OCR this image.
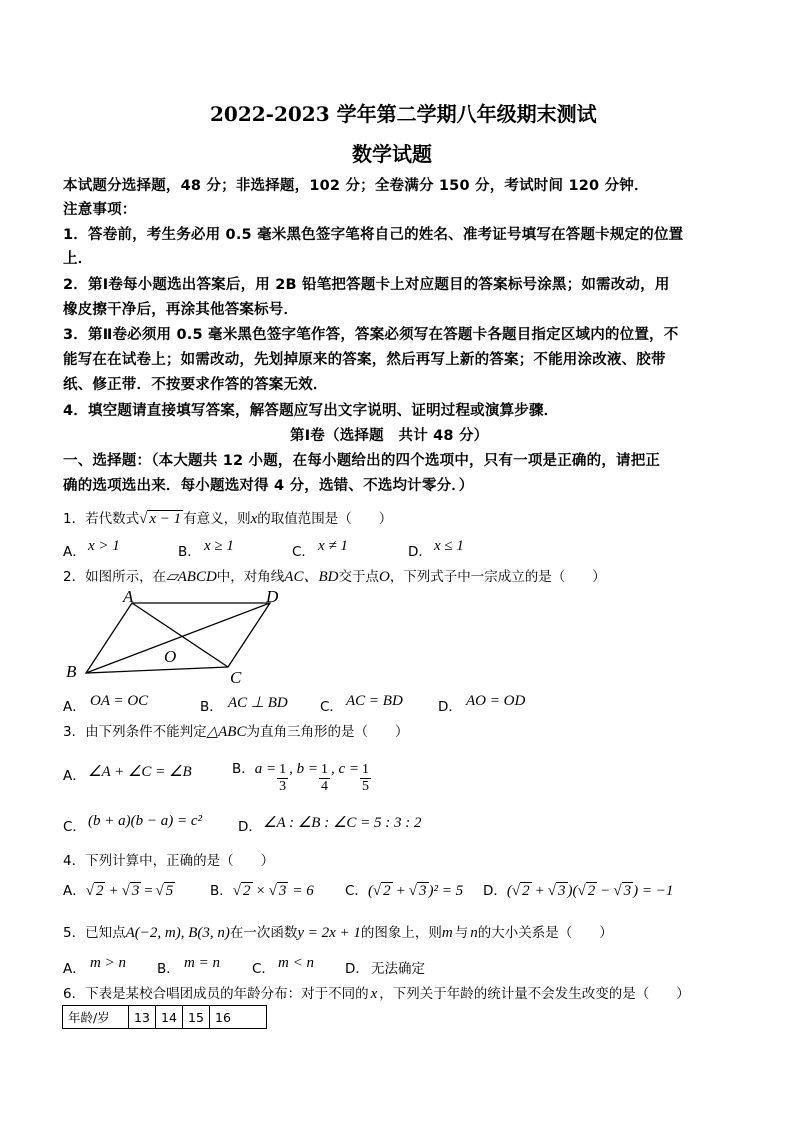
2022-2023 学年第二学期八年级期末测试
数学试题
本试题分选择题，48 分；非选择题，102 分；全卷满分 150 分，考试时间 120 分钟．
注意事项：
1．答卷前，考生务必用 0.5 毫米黑色签字笔将自己的姓名、准考证号填写在答题卡规定的位置
上．
2．第Ⅰ卷每小题选出答案后，用 2B 铅笔把答题卡上对应题目的答案标号涂黑；如需改动，用
橡皮擦干净后，再涂其他答案标号．
3．第Ⅱ卷必须用 0.5 毫米黑色签字笔作答，答案必须写在答题卡各题目指定区域内的位置，不
能写在在试卷上；如需改动，先划掉原来的答案，然后再写上新的答案；不能用涂改液、胶带
纸、修正带．不按要求作答的答案无效．
4．填空题请直接填写答案，解答题应写出文字说明、证明过程或演算步骤．
第Ⅰ卷（选择题　共计 48 分）
一、选择题：（本大题共 12 小题，在每小题给出的四个选项中，只有一项是正确的，请把正
确的选项选出来．每小题选对得 4 分，选错、不选均计零分．）
1．若代数式 √ x − 1 有意义，则 x 的取值范围是（　　）
A． x > 1	B． x ≥ 1	C． x ≠ 1	D． x ≤ 1
2．如图所示，在 ▱ABCD 中，对角线 AC、BD 交于点 O ，下列式子中一宗成立的是（　　）
A	D
B	C
O
A． OA = OC	B． AC ⊥ BD C． AC = BD	D． AO = OD
3．由下列条件不能判定 △ABC 为直角三角形的是（　　）
A． ∠A + ∠C = ∠B	B． $a = \frac{1}{3}$ , $b = \frac{1}{4}$ , $c = \frac{1}{5}$
C． (b + a)(b − a) = c²	D． ∠A : ∠B : ∠C = 5 : 3 : 2
4．下列计算中，正确的是（　　）
A． √ 2 + √ 3 = √ 5	B． √ 2 × √ 3 = 6 C． (√ 2 + √ 3 )² = 5 D． (√ 2 + √ 3 )(√ 2 − √ 3 ) = −1
5．已知点 A(−2, m), B(3, n) 在一次函数 y = 2x + 1 的图象上，则 m 与 n 的大小关系是（　　）
A． m > n B． m = n C． m < n D． 无法确定
6．下表是某校合唱团成员的年龄分布：对于不同的 x ，下列关于年龄的统计量不会发生改变的是（　　）
年龄/岁	13	14	15	16
